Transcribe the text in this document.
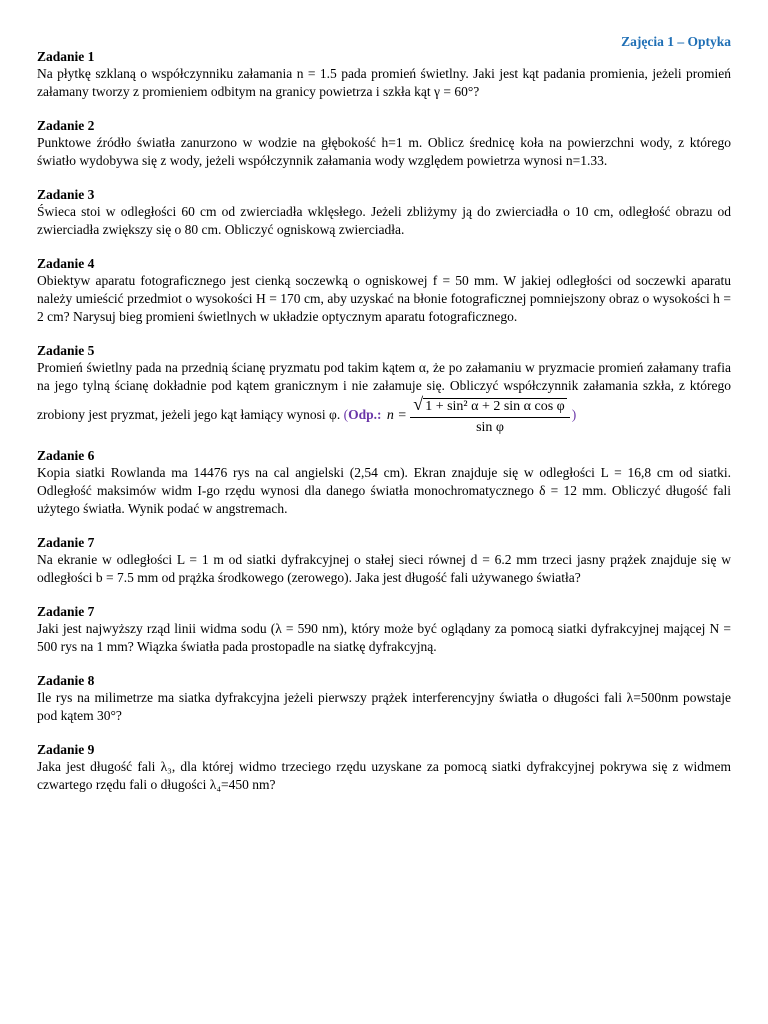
Zajęcia 1 – Optyka
Zadanie 1
Na płytkę szklaną o współczynniku załamania n = 1.5 pada promień świetlny. Jaki jest kąt padania promienia, jeżeli promień załamany tworzy z promieniem odbitym na granicy powietrza i szkła kąt γ = 60°?
Zadanie 2
Punktowe źródło światła zanurzono w wodzie na głębokość h=1 m. Oblicz średnicę koła na powierzchni wody, z którego światło wydobywa się z wody, jeżeli współczynnik załamania wody względem powietrza wynosi n=1.33.
Zadanie 3
Świeca stoi w odległości 60 cm od zwierciadła wklęsłego. Jeżeli zbliżymy ją do zwierciadła o 10 cm, odległość obrazu od zwierciadła zwiększy się o 80 cm. Obliczyć ogniskową zwierciadła.
Zadanie 4
Obiektyw aparatu fotograficznego jest cienką soczewką o ogniskowej f = 50 mm. W jakiej odległości od soczewki aparatu należy umieścić przedmiot o wysokości H = 170 cm, aby uzyskać na błonie fotograficznej pomniejszony obraz o wysokości h = 2 cm? Narysuj bieg promieni świetlnych w układzie optycznym aparatu fotograficznego.
Zadanie 5
Promień świetlny pada na przednią ścianę pryzmatu pod takim kątem α, że po załamaniu w pryzmacie promień załamany trafia na jego tylną ścianę dokładnie pod kątem granicznym i nie załamuje się. Obliczyć współczynnik załamania szkła, z którego zrobiony jest pryzmat, jeżeli jego kąt łamiący wynosi φ. (Odp.: $n = \frac{\text{√ 1 + sin² α + 2 sin α cos φ}}{\text{sin φ}}$ )
Zadanie 6
Kopia siatki Rowlanda ma 14476 rys na cal angielski (2,54 cm). Ekran znajduje się w odległości L = 16,8 cm od siatki. Odległość maksimów widm I-go rzędu wynosi dla danego światła monochromatycznego δ = 12 mm. Obliczyć długość fali użytego światła. Wynik podać w angstremach.
Zadanie 7
Na ekranie w odległości L = 1 m od siatki dyfrakcyjnej o stałej sieci równej d = 6.2 mm trzeci jasny prążek znajduje się w odległości b = 7.5 mm od prążka środkowego (zerowego). Jaka jest długość fali używanego światła?
Zadanie 7
Jaki jest najwyższy rząd linii widma sodu (λ = 590 nm), który może być oglądany za pomocą siatki dyfrakcyjnej mającej N = 500 rys na 1 mm? Wiązka światła pada prostopadle na siatkę dyfrakcyjną.
Zadanie 8
Ile rys na milimetrze ma siatka dyfrakcyjna jeżeli pierwszy prążek interferencyjny światła o długości fali λ=500nm powstaje pod kątem 30°?
Zadanie 9
Jaka jest długość fali λ₃, dla której widmo trzeciego rzędu uzyskane za pomocą siatki dyfrakcyjnej pokrywa się z widmem czwartego rzędu fali o długości λ₄=450 nm?
